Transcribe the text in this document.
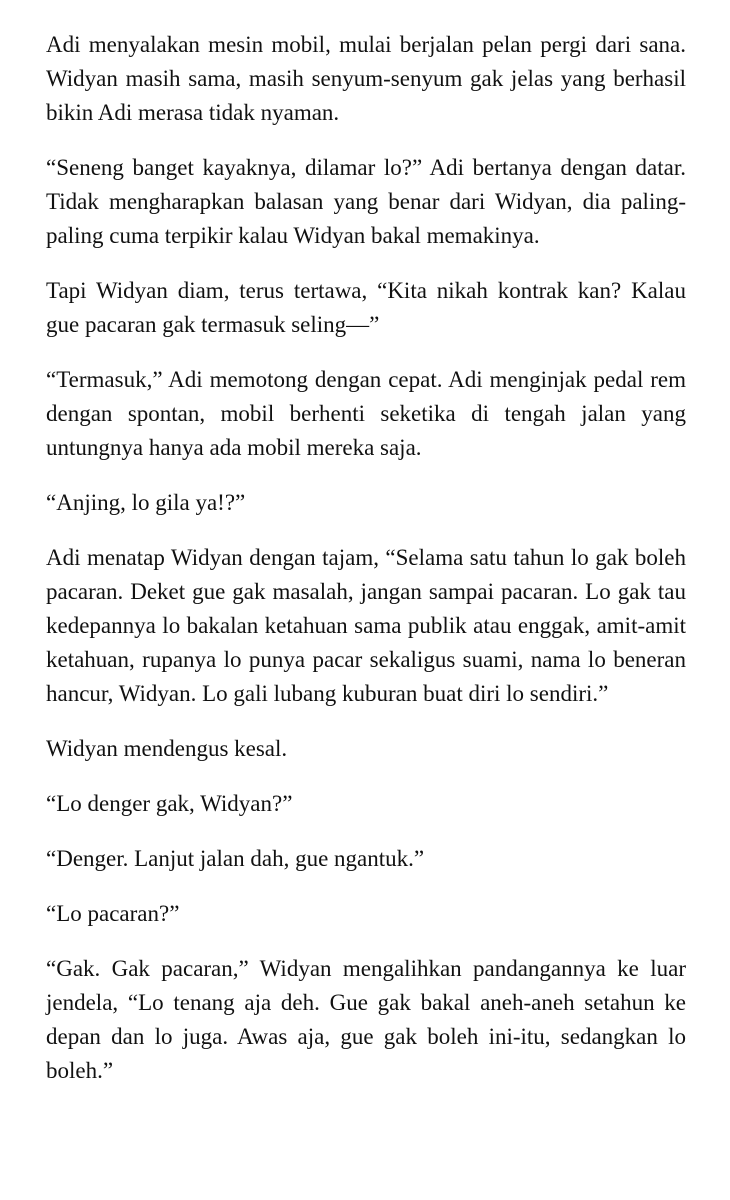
Adi menyalakan mesin mobil, mulai berjalan pelan pergi dari sana. Widyan masih sama, masih senyum-senyum gak jelas yang berhasil bikin Adi merasa tidak nyaman.

“Seneng banget kayaknya, dilamar lo?” Adi bertanya dengan datar. Tidak mengharapkan balasan yang benar dari Widyan, dia paling-paling cuma terpikir kalau Widyan bakal memakinya.

Tapi Widyan diam, terus tertawa, “Kita nikah kontrak kan? Kalau gue pacaran gak termasuk seling—”

“Termasuk,” Adi memotong dengan cepat. Adi menginjak pedal rem dengan spontan, mobil berhenti seketika di tengah jalan yang untungnya hanya ada mobil mereka saja.

“Anjing, lo gila ya!?”

Adi menatap Widyan dengan tajam, “Selama satu tahun lo gak boleh pacaran. Deket gue gak masalah, jangan sampai pacaran. Lo gak tau kedepannya lo bakalan ketahuan sama publik atau enggak, amit-amit ketahuan, rupanya lo punya pacar sekaligus suami, nama lo beneran hancur, Widyan. Lo gali lubang kuburan buat diri lo sendiri.”

Widyan mendengus kesal.

“Lo denger gak, Widyan?”

“Denger. Lanjut jalan dah, gue ngantuk.”

“Lo pacaran?”

“Gak. Gak pacaran,” Widyan mengalihkan pandangannya ke luar jendela, “Lo tenang aja deh. Gue gak bakal aneh-aneh setahun ke depan dan lo juga. Awas aja, gue gak boleh ini-itu, sedangkan lo boleh.”
